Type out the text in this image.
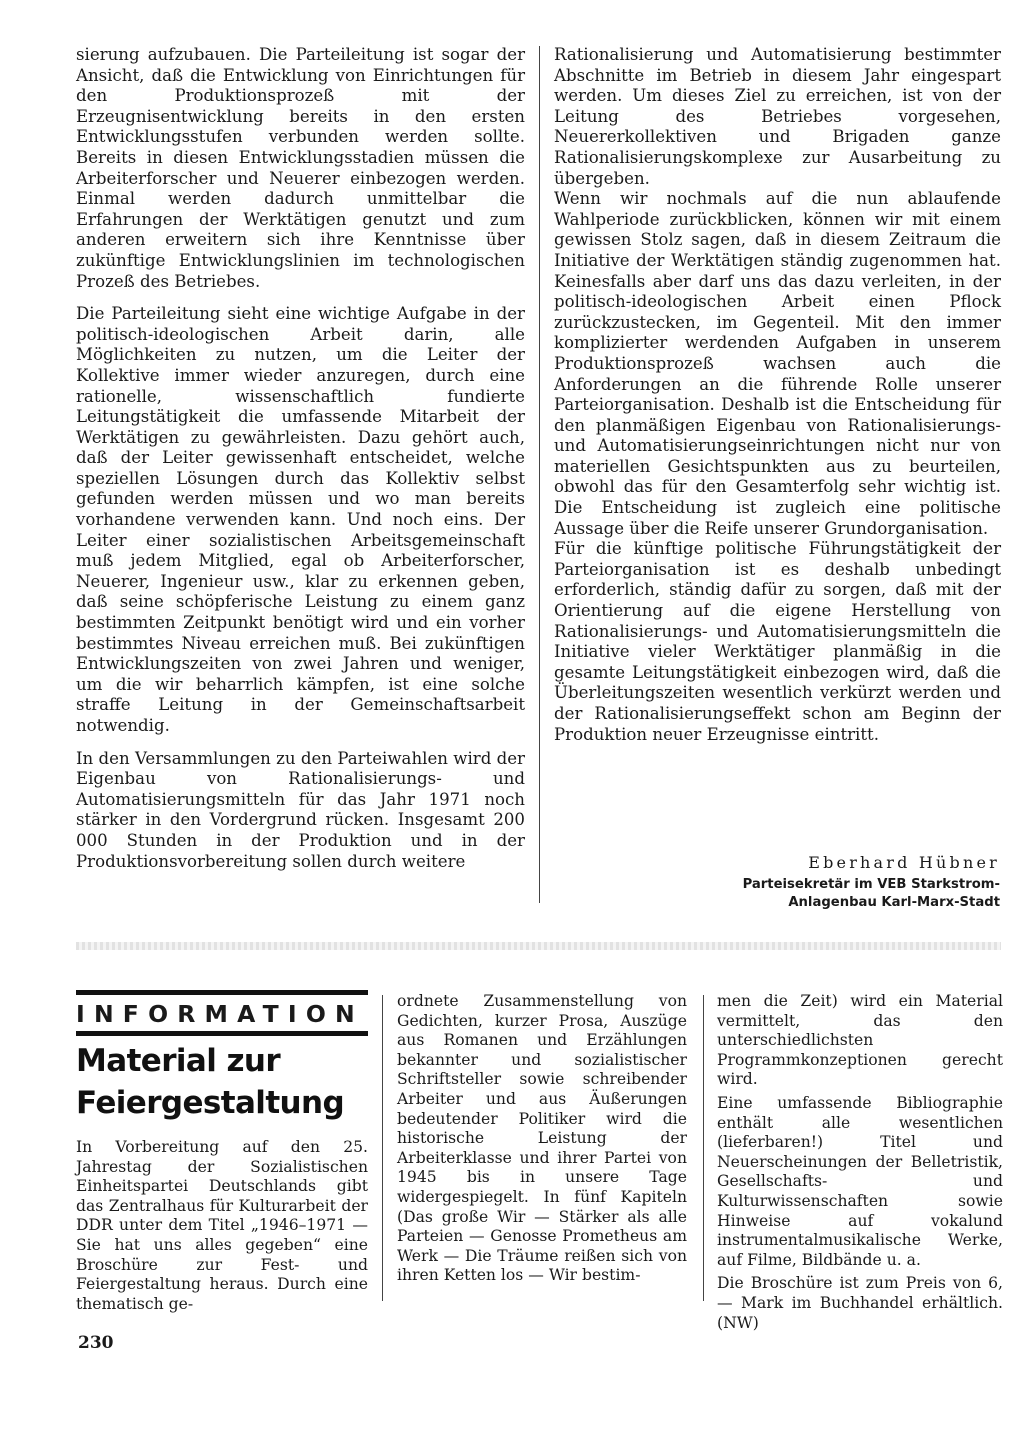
sierung aufzubauen. Die Parteileitung ist sogar der Ansicht, daß die Entwicklung von Einrichtungen für den Produktionsprozeß mit der Erzeugnisentwicklung bereits in den ersten Entwicklungsstufen verbunden werden sollte. Bereits in diesen Entwicklungsstadien müssen die Arbeiterforscher und Neuerer einbezogen werden. Einmal werden dadurch unmittelbar die Erfahrungen der Werktätigen genutzt und zum anderen erweitern sich ihre Kenntnisse über zukünftige Entwicklungslinien im technologischen Prozeß des Betriebes.

Die Parteileitung sieht eine wichtige Aufgabe in der politisch-ideologischen Arbeit darin, alle Möglichkeiten zu nutzen, um die Leiter der Kollektive immer wieder anzuregen, durch eine rationelle, wissenschaftlich fundierte Leitungstätigkeit die umfassende Mitarbeit der Werktätigen zu gewährleisten. Dazu gehört auch, daß der Leiter gewissenhaft entscheidet, welche speziellen Lösungen durch das Kollektiv selbst gefunden werden müssen und wo man bereits vorhandene verwenden kann. Und noch eins. Der Leiter einer sozialistischen Arbeitsgemeinschaft muß jedem Mitglied, egal ob Arbeiterforscher, Neuerer, Ingenieur usw., klar zu erkennen geben, daß seine schöpferische Leistung zu einem ganz bestimmten Zeitpunkt benötigt wird und ein vorher bestimmtes Niveau erreichen muß. Bei zukünftigen Entwicklungszeiten von zwei Jahren und weniger, um die wir beharrlich kämpfen, ist eine solche straffe Leitung in der Gemeinschaftsarbeit notwendig.

In den Versammlungen zu den Parteiwahlen wird der Eigenbau von Rationalisierungs- und Automatisierungsmitteln für das Jahr 1971 noch stärker in den Vordergrund rücken. Insgesamt 200 000 Stunden in der Produktion und in der Produktionsvorbereitung sollen durch weitere

Rationalisierung und Automatisierung bestimmter Abschnitte im Betrieb in diesem Jahr eingespart werden. Um dieses Ziel zu erreichen, ist von der Leitung des Betriebes vorgesehen, Neuererkollektiven und Brigaden ganze Rationalisierungskomplexe zur Ausarbeitung zu übergeben.

Wenn wir nochmals auf die nun ablaufende Wahlperiode zurückblicken, können wir mit einem gewissen Stolz sagen, daß in diesem Zeitraum die Initiative der Werktätigen ständig zugenommen hat. Keinesfalls aber darf uns das dazu verleiten, in der politisch-ideologischen Arbeit einen Pflock zurückzustecken, im Gegenteil. Mit den immer komplizierter werdenden Aufgaben in unserem Produktionsprozeß wachsen auch die Anforderungen an die führende Rolle unserer Parteiorganisation. Deshalb ist die Entscheidung für den planmäßigen Eigenbau von Rationalisierungs- und Automatisierungseinrichtungen nicht nur von materiellen Gesichtspunkten aus zu beurteilen, obwohl das für den Gesamterfolg sehr wichtig ist. Die Entscheidung ist zugleich eine politische Aussage über die Reife unserer Grundorganisation.

Für die künftige politische Führungstätigkeit der Parteiorganisation ist es deshalb unbedingt erforderlich, ständig dafür zu sorgen, daß mit der Orientierung auf die eigene Herstellung von Rationalisierungs- und Automatisierungsmitteln die Initiative vieler Werktätiger planmäßig in die gesamte Leitungstätigkeit einbezogen wird, daß die Überleitungszeiten wesentlich verkürzt werden und der Rationalisierungseffekt schon am Beginn der Produktion neuer Erzeugnisse eintritt.

Eberhard Hübner
Parteisekretär im VEB Starkstrom-
Anlagenbau Karl-Marx-Stadt
INFORMATION
Material zur Feiergestaltung

In Vorbereitung auf den 25. Jahrestag der Sozialistischen Einheitspartei Deutschlands gibt das Zentralhaus für Kulturarbeit der DDR unter dem Titel „1946–1971 — Sie hat uns alles gegeben“ eine Broschüre zur Fest- und Feiergestaltung heraus. Durch eine thematisch ge-

ordnete Zusammenstellung von Gedichten, kurzer Prosa, Auszüge aus Romanen und Erzählungen bekannter und sozialistischer Schriftsteller sowie schreibender Arbeiter und aus Äußerungen bedeutender Politiker wird die historische Leistung der Arbeiterklasse und ihrer Partei von 1945 bis in unsere Tage widergespiegelt. In fünf Kapiteln (Das große Wir — Stärker als alle Parteien — Genosse Prometheus am Werk — Die Träume reißen sich von ihren Ketten los — Wir bestim-

men die Zeit) wird ein Material vermittelt, das den unterschiedlichsten Programmkonzeptionen gerecht wird.

Eine umfassende Bibliographie enthält alle wesentlichen (lieferbaren!) Titel und Neuerscheinungen der Belletristik, Gesellschafts- und Kulturwissenschaften sowie Hinweise auf vokalund instrumentalmusikalische Werke, auf Filme, Bildbände u. a.

Die Broschüre ist zum Preis von 6,— Mark im Buchhandel erhältlich. (NW)

230
